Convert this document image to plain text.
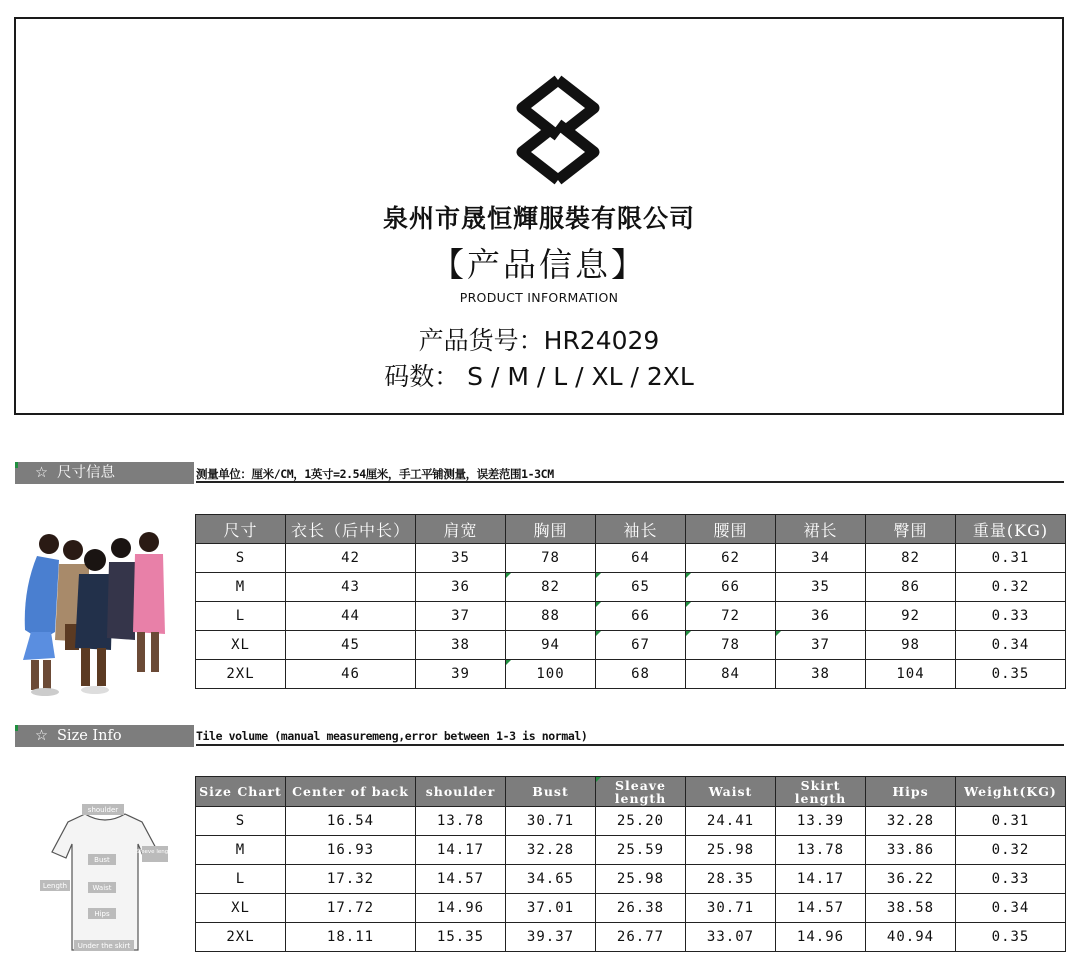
泉州市晟恒輝服裝有限公司
【产品信息】
PRODUCT INFORMATION
产品货号：HR24029
码数： S / M / L / XL / 2XL
☆ 尺寸信息	测量单位：厘米/CM，1英寸=2.54厘米，手工平铺测量，误差范围1-3CM
尺寸	衣长（后中长）	肩宽	胸围	袖长	腰围	裙长	臀围	重量(KG)
S	42	35	78	64	62	34	82	0.31
M	43	36	82	65	66	35	86	0.32
L	44	37	88	66	72	36	92	0.33
XL	45	38	94	67	78	37	98	0.34
2XL	46	39	100	68	84	38	104	0.35
☆ Size Info	Tile volume (manual measuremeng,error between 1-3 is normal)
shoulder
Sleeve length
Bust
Length	Waist
Hips
Under the skirt
Size Chart	Center of back	shoulder	Bust	Sleave length	Waist	Skirt length	Hips	Weight(KG)
S	16.54	13.78	30.71	25.20	24.41	13.39	32.28	0.31
M	16.93	14.17	32.28	25.59	25.98	13.78	33.86	0.32
L	17.32	14.57	34.65	25.98	28.35	14.17	36.22	0.33
XL	17.72	14.96	37.01	26.38	30.71	14.57	38.58	0.34
2XL	18.11	15.35	39.37	26.77	33.07	14.96	40.94	0.35
